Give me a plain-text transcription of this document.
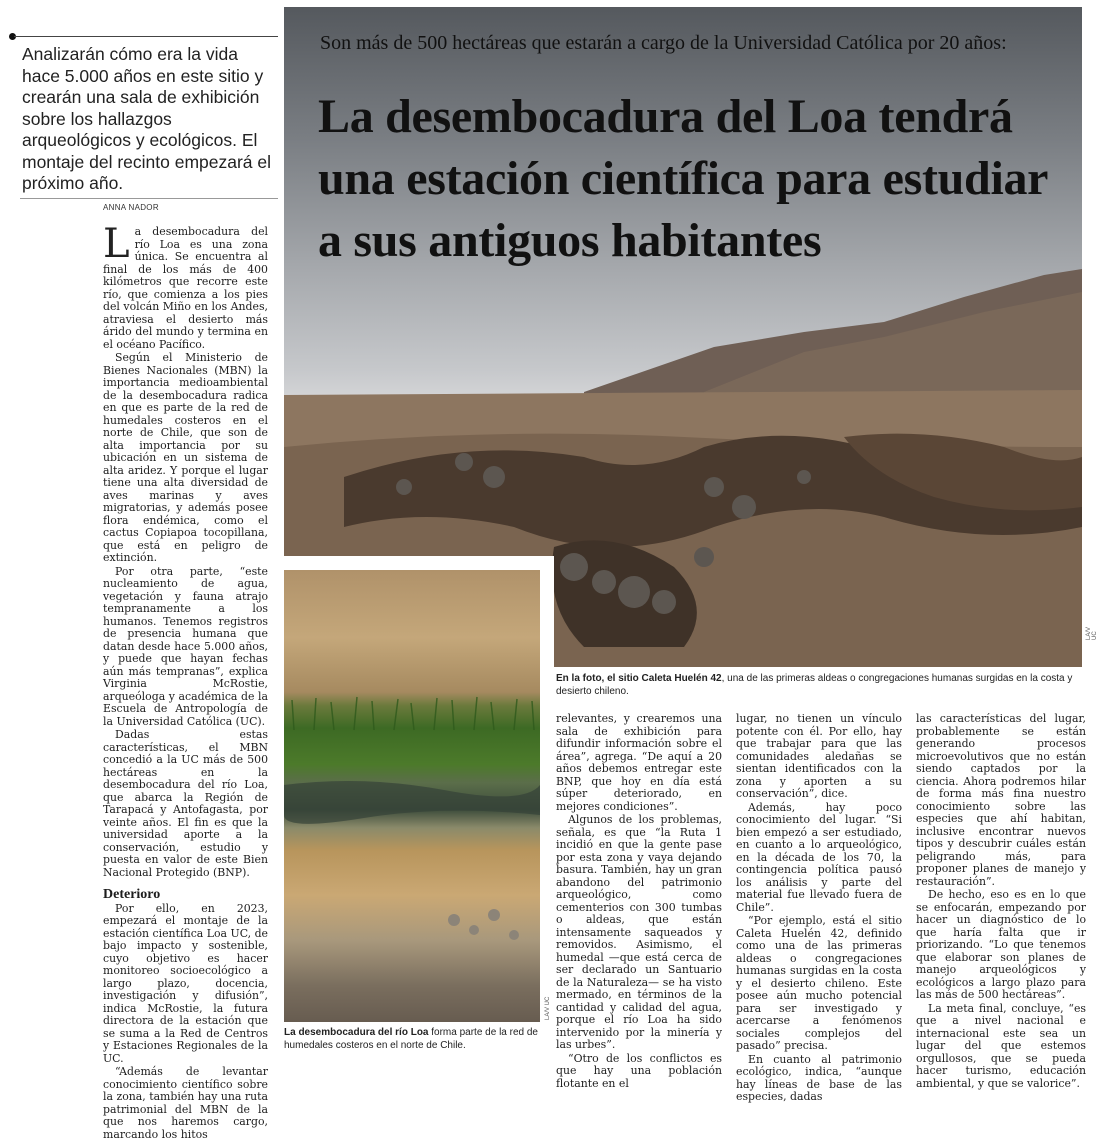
Analizarán cómo era la vida hace 5.000 años en este sitio y crearán una sala de exhibición sobre los hallazgos arqueológicos y ecológicos. El montaje del recinto empezará el próximo año.
ANNA NADOR

La desembocadura del río Loa es una zona única. Se encuentra al final de los más de 400 kilómetros que recorre este río, que comienza a los pies del volcán Miño en los Andes, atraviesa el desierto más árido del mundo y termina en el océano Pacífico.

Según el Ministerio de Bienes Nacionales (MBN) la importancia medioambiental de la desembocadura radica en que es parte de la red de humedales costeros en el norte de Chile, que son de alta importancia por su ubicación en un sistema de alta aridez. Y porque el lugar tiene una alta diversidad de aves marinas y aves migratorias, y además posee flora endémica, como el cactus Copiapoa tocopillana, que está en peligro de extinción.

Por otra parte, “este nucleamiento de agua, vegetación y fauna atrajo tempranamente a los humanos. Tenemos registros de presencia humana que datan desde hace 5.000 años, y puede que hayan fechas aún más tempranas”, explica Virginia McRostie, arqueóloga y académica de la Escuela de Antropología de la Universidad Católica (UC).

Dadas estas características, el MBN concedió a la UC más de 500 hectáreas en la desembocadura del río Loa, que abarca la Región de Tarapacá y Antofagasta, por veinte años. El fin es que la universidad aporte a la conservación, estudio y puesta en valor de este Bien Nacional Protegido (BNP).

Deterioro

Por ello, en 2023, empezará el montaje de la estación científica Loa UC, de bajo impacto y sostenible, cuyo objetivo es hacer monitoreo socioecológico a largo plazo, docencia, investigación y difusión”, indica McRostie, la futura directora de la estación que se suma a la Red de Centros y Estaciones Regionales de la UC.

“Además de levantar conocimiento científico sobre la zona, también hay una ruta patrimonial del MBN de la que nos haremos cargo, marcando los hitos

Son más de 500 hectáreas que estarán a cargo de la Universidad Católica por 20 años:
La desembocadura del Loa tendrá una estación científica para estudiar a sus antiguos habitantes
LA/V UC
En la foto, el sitio Caleta Huelén 42, una de las primeras aldeas o congregaciones humanas surgidas en la costa y desierto chileno.
LA/V UC
La desembocadura del río Loa forma parte de la red de humedales costeros en el norte de Chile.

relevantes, y crearemos una sala de exhibición para difundir información sobre el área”, agrega. “De aquí a 20 años debemos entregar este BNP, que hoy en día está súper deteriorado, en mejores condiciones”.

Algunos de los problemas, señala, es que “la Ruta 1 incidió en que la gente pase por esta zona y vaya dejando basura. También, hay un gran abandono del patrimonio arqueológico, como cementerios con 300 tumbas o aldeas, que están intensamente saqueados y removidos. Asimismo, el humedal —que está cerca de ser declarado un Santuario de la Naturaleza— se ha visto mermado, en términos de la cantidad y calidad del agua, porque el río Loa ha sido intervenido por la minería y las urbes”.

“Otro de los conflictos es que hay una población flotante en el

lugar, no tienen un vínculo potente con él. Por ello, hay que trabajar para que las comunidades aledañas se sientan identificados con la zona y aporten a su conservación”, dice.

Además, hay poco conocimiento del lugar. “Si bien empezó a ser estudiado, en cuanto a lo arqueológico, en la década de los 70, la contingencia política pausó los análisis y parte del material fue llevado fuera de Chile”.

“Por ejemplo, está el sitio Caleta Huelén 42, definido como una de las primeras aldeas o congregaciones humanas surgidas en la costa y el desierto chileno. Este posee aún mucho potencial para ser investigado y acercarse a fenómenos sociales complejos del pasado” precisa.

En cuanto al patrimonio ecológico, indica, “aunque hay líneas de base de las especies, dadas

las características del lugar, probablemente se están generando procesos microevolutivos que no están siendo captados por la ciencia. Ahora podremos hilar de forma más fina nuestro conocimiento sobre las especies que ahí habitan, inclusive encontrar nuevos tipos y descubrir cuáles están peligrando más, para proponer planes de manejo y restauración”.

De hecho, eso es en lo que se enfocarán, empezando por hacer un diagnóstico de lo que haría falta que ir priorizando. “Lo que tenemos que elaborar son planes de manejo arqueológicos y ecológicos a largo plazo para las más de 500 hectáreas”.

La meta final, concluye, “es que a nivel nacional e internacional este sea un lugar del que estemos orgullosos, que se pueda hacer turismo, educación ambiental, y que se valorice”.
